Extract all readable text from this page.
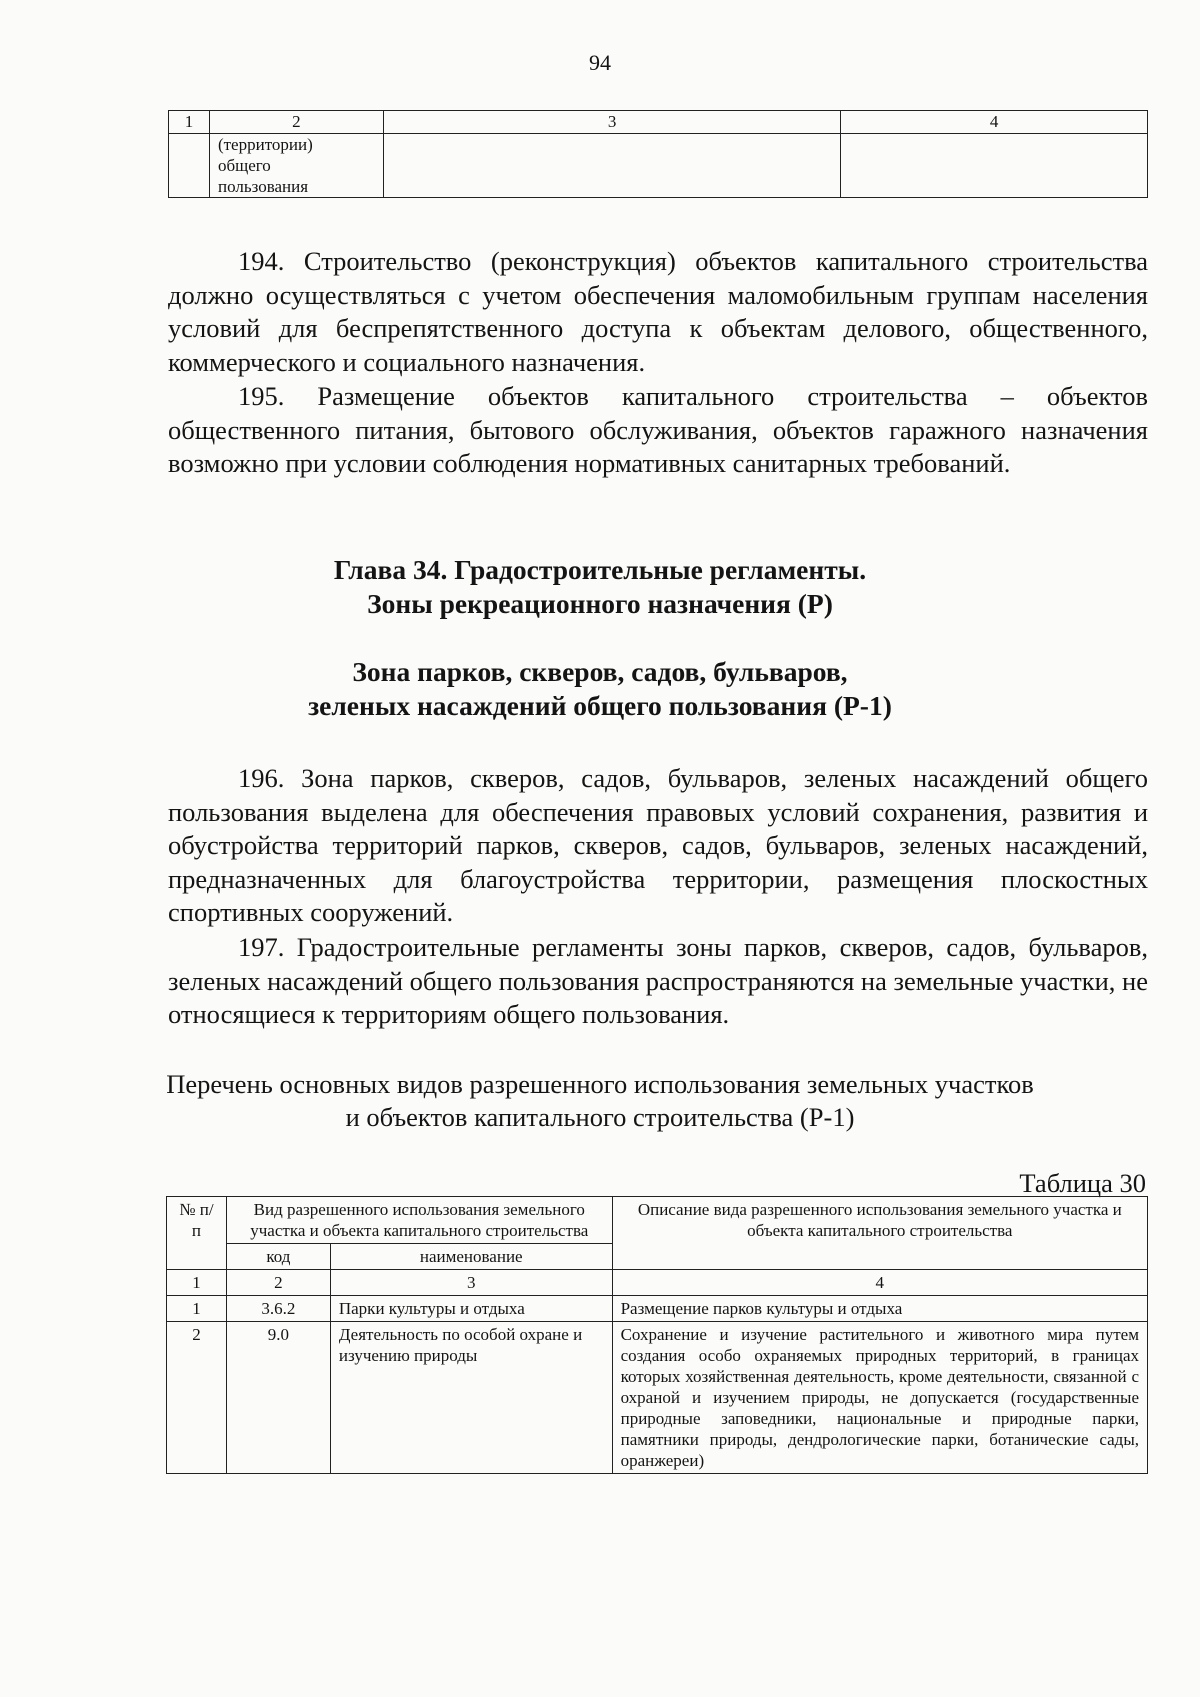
94
1	2	3	4

	(территории)
общего
пользования		

194. Строительство (реконструкция) объектов капитального строительства должно осуществляться с учетом обеспечения маломобильным группам населения условий для беспрепятственного доступа к объектам делового, общественного, коммерческого и социального назначения.

195. Размещение объектов капитального строительства – объектов общественного питания, бытового обслуживания, объектов гаражного назначения возможно при условии соблюдения нормативных санитарных требований.

Глава 34. Градостроительные регламенты.
Зоны рекреационного назначения (Р)
Зона парков, скверов, садов, бульваров,
зеленых насаждений общего пользования (Р-1)

196. Зона парков, скверов, садов, бульваров, зеленых насаждений общего пользования выделена для обеспечения правовых условий сохранения, развития и обустройства территорий парков, скверов, садов, бульваров, зеленых насаждений, предназначенных для благоустройства территории, размещения плоскостных спортивных сооружений.

197. Градостроительные регламенты зоны парков, скверов, садов, бульваров, зеленых насаждений общего пользования распространяются на земельные участки, не относящиеся к территориям общего пользования.

Перечень основных видов разрешенного использования земельных участков
и объектов капитального строительства (Р-1)
Таблица 30
№ п/п	Вид разрешенного использования земельного участка и объекта капитального строительства		Описание вида разрешенного использования земельного участка и объекта капитального строительства
	код	наименование	
1	2	3	4
1	3.6.2	Парки культуры и отдыха	Размещение парков культуры и отдыха
2	9.0	Деятельность по особой охране и изучению природы	Сохранение и изучение растительного и животного мира путем создания особо охраняемых природных территорий, в границах которых хозяйственная деятельность, кроме деятельности, связанной с охраной и изучением природы, не допускается (государственные природные заповедники, национальные и природные парки, памятники природы, дендрологические парки, ботанические сады, оранжереи)
